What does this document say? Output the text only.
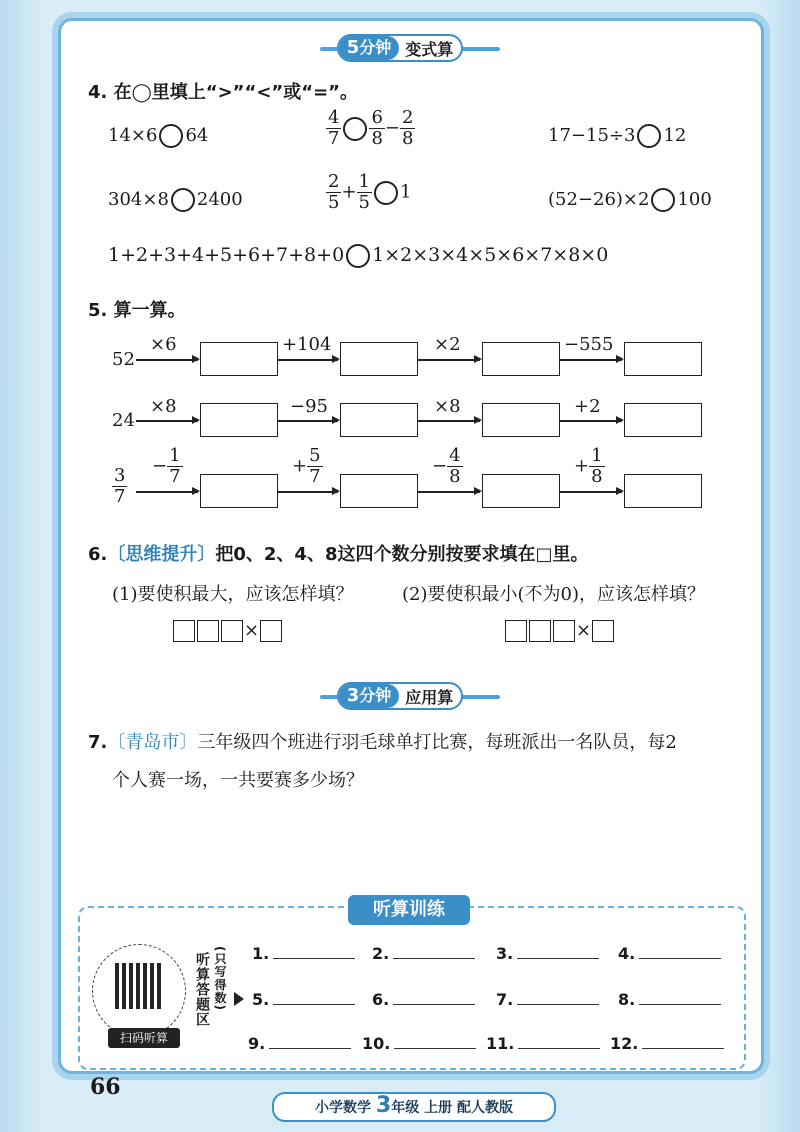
5分钟 变式算
4. 在◯里填上“>”“<”或“=”。
14×6 64	$\frac{4}{7} \frac{6}{8} - \frac{2}{8}$	17−15÷3 12
304×8 2400	$\frac{2}{5} + \frac{1}{5} 1$	(52−26)×2 100
1+2+3+4+5+6+7+8+0 1×2×3×4×5×6×7×8×0
5. 算一算。
52
×6	+104	×2	−555
24
×8	−95	×8	+2
$\frac{3}{7} - \frac{1}{7}$	+ $\frac{5}{7}$	− $\frac{4}{8}$	+ $\frac{1}{8}$
6.〔思维提升〕把0、2、4、8这四个数分别按要求填在□里。
(1)要使积最大，应该怎样填？	(2)要使积最小(不为0)，应该怎样填？
×	×
3分钟 应用算
7.〔青岛市〕三年级四个班进行羽毛球单打比赛，每班派出一名队员，每2
个人赛一场，一共要赛多少场？
听算训练
扫码听算
听算答题区 (只写得数) 1.	2.	3.	4.
5.	6.	7.	8.
9.	10.	11.	12.
66
小学数学 3年级 上册 配人教版
